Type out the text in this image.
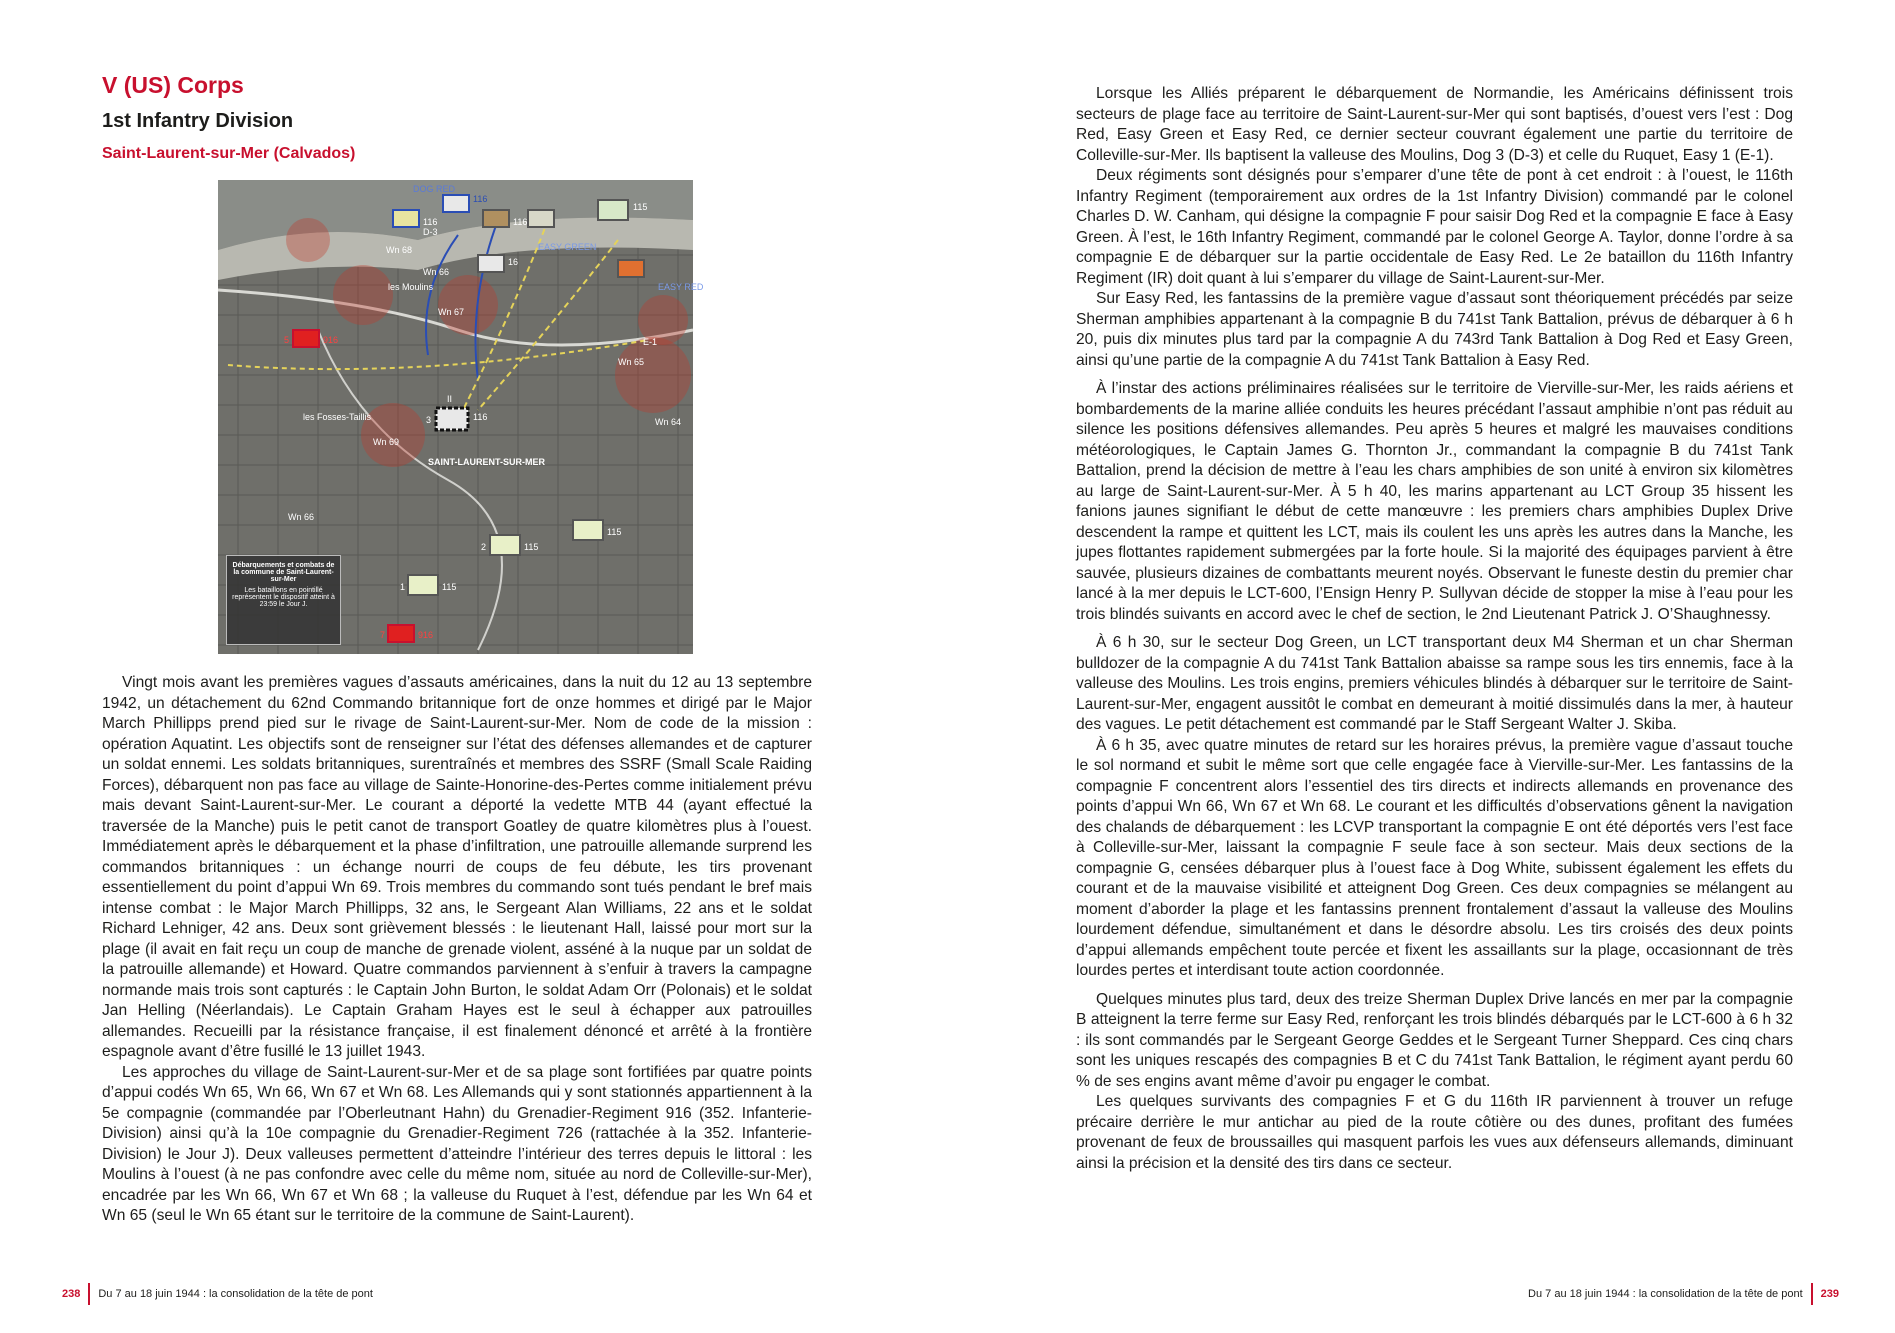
V (US) Corps
1st Infantry Division
Saint-Laurent-sur-Mer (Calvados)
DOG RED
EASY GREEN
EASY RED
D-3
E-1
les Moulins
les Fosses-Taillis
SAINT-LAURENT-SUR-MER
Wn 68
Wn 66
Wn 67
Wn 65
Wn 64
Wn 69
Wn 66
116
116	116
116
16
115
115
115
115
916
916
1
2
3
5
7
II
Débarquements et combats de la commune de Saint-Laurent-sur-Mer
Les bataillons en pointillé représentent le dispositif atteint à 23:59 le Jour J.

Vingt mois avant les premières vagues d’assauts américaines, dans la nuit du 12 au 13 septembre 1942, un détachement du 62nd Commando britannique fort de onze hommes et dirigé par le Major March Phillipps prend pied sur le rivage de Saint-Laurent-sur-Mer. Nom de code de la mission : opération Aquatint. Les objectifs sont de renseigner sur l’état des défenses allemandes et de capturer un soldat ennemi. Les soldats britanniques, surentraînés et membres des SSRF (Small Scale Raiding Forces), débarquent non pas face au village de Sainte-Honorine-des-Pertes comme initialement prévu mais devant Saint-Laurent-sur-Mer. Le courant a déporté la vedette MTB 44 (ayant effectué la traversée de la Manche) puis le petit canot de transport Goatley de quatre kilomètres plus à l’ouest. Immédiatement après le débarquement et la phase d’infiltration, une patrouille allemande surprend les commandos britanniques : un échange nourri de coups de feu débute, les tirs provenant essentiellement du point d’appui Wn 69. Trois membres du commando sont tués pendant le bref mais intense combat : le Major March Phillipps, 32 ans, le Sergeant Alan Williams, 22 ans et le soldat Richard Lehniger, 42 ans. Deux sont grièvement blessés : le lieutenant Hall, laissé pour mort sur la plage (il avait en fait reçu un coup de manche de grenade violent, asséné à la nuque par un soldat de la patrouille allemande) et Howard. Quatre commandos parviennent à s’enfuir à travers la campagne normande mais trois sont capturés : le Captain John Burton, le soldat Adam Orr (Polonais) et le soldat Jan Helling (Néerlandais). Le Captain Graham Hayes est le seul à échapper aux patrouilles allemandes. Recueilli par la résistance française, il est finalement dénoncé et arrêté à la frontière espagnole avant d’être fusillé le 13 juillet 1943.

Les approches du village de Saint-Laurent-sur-Mer et de sa plage sont fortifiées par quatre points d’appui codés Wn 65, Wn 66, Wn 67 et Wn 68. Les Allemands qui y sont stationnés appartiennent à la 5e compagnie (commandée par l’Oberleutnant Hahn) du Grenadier-Regiment 916 (352. Infanterie-Division) ainsi qu’à la 10e compagnie du Grenadier-Regiment 726 (rattachée à la 352. Infanterie-Division) le Jour J). Deux valleuses permettent d’atteindre l’intérieur des terres depuis le littoral : les Moulins à l’ouest (à ne pas confondre avec celle du même nom, située au nord de Colleville-sur-Mer), encadrée par les Wn 66, Wn 67 et Wn 68 ; la valleuse du Ruquet à l’est, défendue par les Wn 64 et Wn 65 (seul le Wn 65 étant sur le territoire de la commune de Saint-Laurent).

238 Du 7 au 18 juin 1944 : la consolidation de la tête de pont

Lorsque les Alliés préparent le débarquement de Normandie, les Américains définissent trois secteurs de plage face au territoire de Saint-Laurent-sur-Mer qui sont baptisés, d’ouest vers l’est : Dog Red, Easy Green et Easy Red, ce dernier secteur couvrant également une partie du territoire de Colleville-sur-Mer. Ils baptisent la valleuse des Moulins, Dog 3 (D-3) et celle du Ruquet, Easy 1 (E-1).

Deux régiments sont désignés pour s’emparer d’une tête de pont à cet endroit : à l’ouest, le 116th Infantry Regiment (temporairement aux ordres de la 1st Infantry Division) commandé par le colonel Charles D. W. Canham, qui désigne la compagnie F pour saisir Dog Red et la compagnie E face à Easy Green. À l’est, le 16th Infantry Regiment, commandé par le colonel George A. Taylor, donne l’ordre à sa compagnie E de débarquer sur la partie occidentale de Easy Red. Le 2e bataillon du 116th Infantry Regiment (IR) doit quant à lui s’emparer du village de Saint-Laurent-sur-Mer.

Sur Easy Red, les fantassins de la première vague d’assaut sont théoriquement précédés par seize Sherman amphibies appartenant à la compagnie B du 741st Tank Battalion, prévus de débarquer à 6 h 20, puis dix minutes plus tard par la compagnie A du 743rd Tank Battalion à Dog Red et Easy Green, ainsi qu’une partie de la compagnie A du 741st Tank Battalion à Easy Red.

À l’instar des actions préliminaires réalisées sur le territoire de Vierville-sur-Mer, les raids aériens et bombardements de la marine alliée conduits les heures précédant l’assaut amphibie n’ont pas réduit au silence les positions défensives allemandes. Peu après 5 heures et malgré les mauvaises conditions météorologiques, le Captain James G. Thornton Jr., commandant la compagnie B du 741st Tank Battalion, prend la décision de mettre à l’eau les chars amphibies de son unité à environ six kilomètres au large de Saint-Laurent-sur-Mer. À 5 h 40, les marins appartenant au LCT Group 35 hissent les fanions jaunes signifiant le début de cette manœuvre : les premiers chars amphibies Duplex Drive descendent la rampe et quittent les LCT, mais ils coulent les uns après les autres dans la Manche, les jupes flottantes rapidement submergées par la forte houle. Si la majorité des équipages parvient à être sauvée, plusieurs dizaines de combattants meurent noyés. Observant le funeste destin du premier char lancé à la mer depuis le LCT-600, l’Ensign Henry P. Sullyvan décide de stopper la mise à l’eau pour les trois blindés suivants en accord avec le chef de section, le 2nd Lieutenant Patrick J. O’Shaughnessy.

À 6 h 30, sur le secteur Dog Green, un LCT transportant deux M4 Sherman et un char Sherman bulldozer de la compagnie A du 741st Tank Battalion abaisse sa rampe sous les tirs ennemis, face à la valleuse des Moulins. Les trois engins, premiers véhicules blindés à débarquer sur le territoire de Saint-Laurent-sur-Mer, engagent aussitôt le combat en demeurant à moitié dissimulés dans la mer, à hauteur des vagues. Le petit détachement est commandé par le Staff Sergeant Walter J. Skiba.

À 6 h 35, avec quatre minutes de retard sur les horaires prévus, la première vague d’assaut touche le sol normand et subit le même sort que celle engagée face à Vierville-sur-Mer. Les fantassins de la compagnie F concentrent alors l’essentiel des tirs directs et indirects allemands en provenance des points d’appui Wn 66, Wn 67 et Wn 68. Le courant et les difficultés d’observations gênent la navigation des chalands de débarquement : les LCVP transportant la compagnie E ont été déportés vers l’est face à Colleville-sur-Mer, laissant la compagnie F seule face à son secteur. Mais deux sections de la compagnie G, censées débarquer plus à l’ouest face à Dog White, subissent également les effets du courant et de la mauvaise visibilité et atteignent Dog Green. Ces deux compagnies se mélangent au moment d’aborder la plage et les fantassins prennent frontalement d’assaut la valleuse des Moulins lourdement défendue, simultanément et dans le désordre absolu. Les tirs croisés des deux points d’appui allemands empêchent toute percée et fixent les assaillants sur la plage, occasionnant de très lourdes pertes et interdisant toute action coordonnée.

Quelques minutes plus tard, deux des treize Sherman Duplex Drive lancés en mer par la compagnie B atteignent la terre ferme sur Easy Red, renforçant les trois blindés débarqués par le LCT-600 à 6 h 32 : ils sont commandés par le Sergeant George Geddes et le Sergeant Turner Sheppard. Ces cinq chars sont les uniques rescapés des compagnies B et C du 741st Tank Battalion, le régiment ayant perdu 60 % de ses engins avant même d’avoir pu engager le combat.

Les quelques survivants des compagnies F et G du 116th IR parviennent à trouver un refuge précaire derrière le mur antichar au pied de la route côtière ou des dunes, profitant des fumées provenant de feux de broussailles qui masquent parfois les vues aux défenseurs allemands, diminuant ainsi la précision et la densité des tirs dans ce secteur.

Du 7 au 18 juin 1944 : la consolidation de la tête de pont 239
